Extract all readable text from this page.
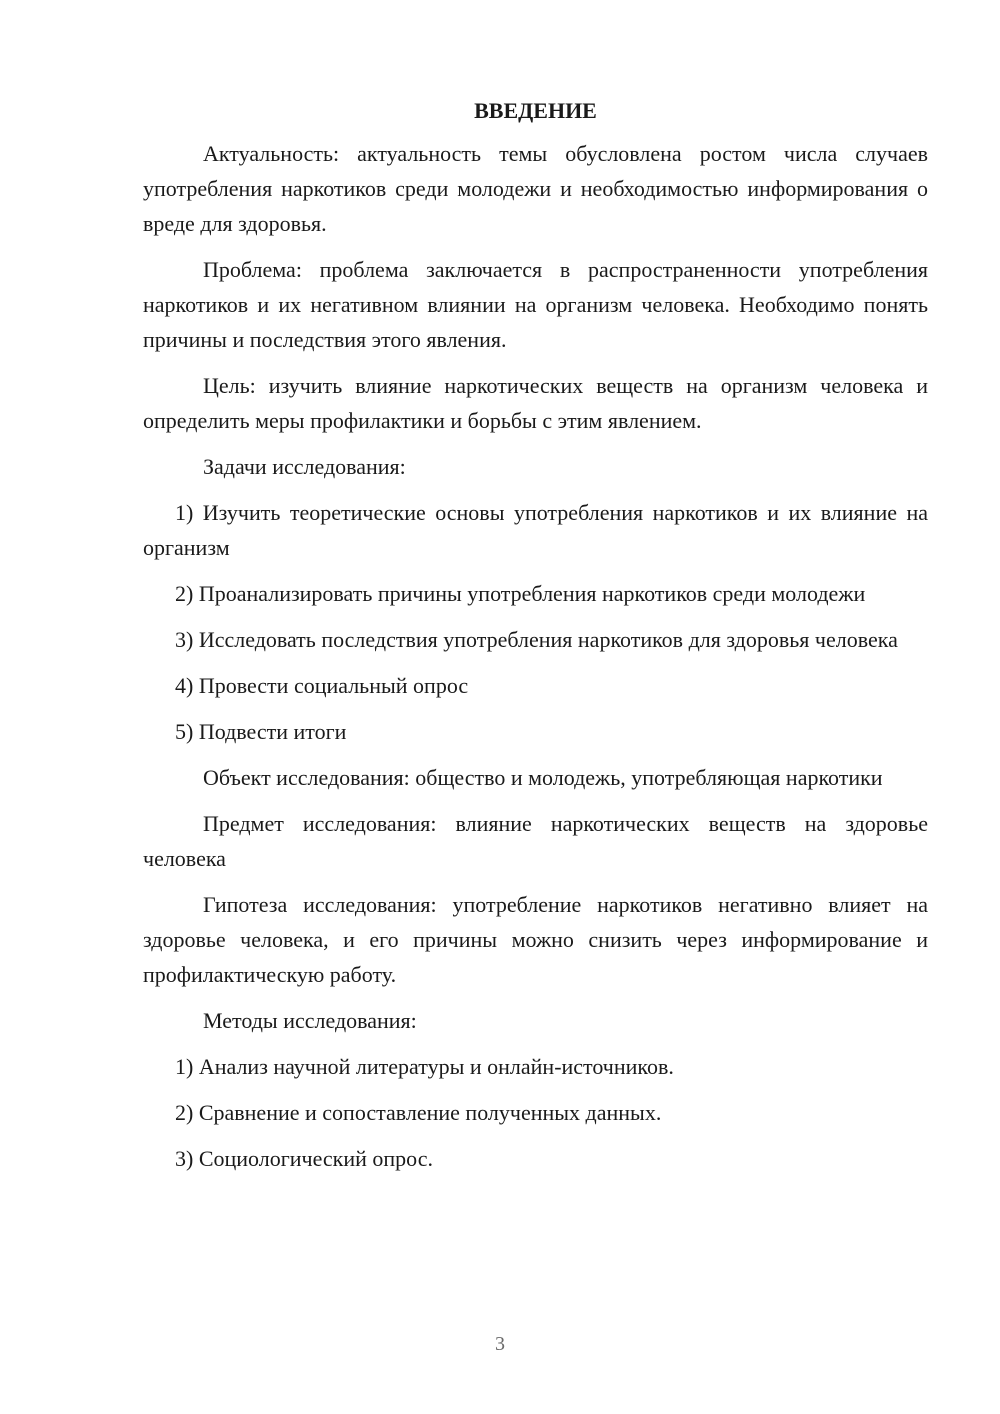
ВВЕДЕНИЕ

Актуальность: актуальность темы обусловлена ростом числа случаев употребления наркотиков среди молодежи и необходимостью информирования о вреде для здоровья.

Проблема: проблема заключается в распространенности употребления наркотиков и их негативном влиянии на организм человека. Необходимо понять причины и последствия этого явления.

Цель: изучить влияние наркотических веществ на организм человека и определить меры профилактики и борьбы с этим явлением.

Задачи исследования:

1) Изучить теоретические основы употребления наркотиков и их влияние на организм

2) Проанализировать причины употребления наркотиков среди молодежи

3) Исследовать последствия употребления наркотиков для здоровья человека

4) Провести социальный опрос

5) Подвести итоги

Объект исследования: общество и молодежь, употребляющая наркотики

Предмет исследования: влияние наркотических веществ на здоровье человека

Гипотеза исследования: употребление наркотиков негативно влияет на здоровье человека, и его причины можно снизить через информирование и профилактическую работу.

Методы исследования:

1) Анализ научной литературы и онлайн-источников.

2) Сравнение и сопоставление полученных данных.

3) Социологический опрос.

3
